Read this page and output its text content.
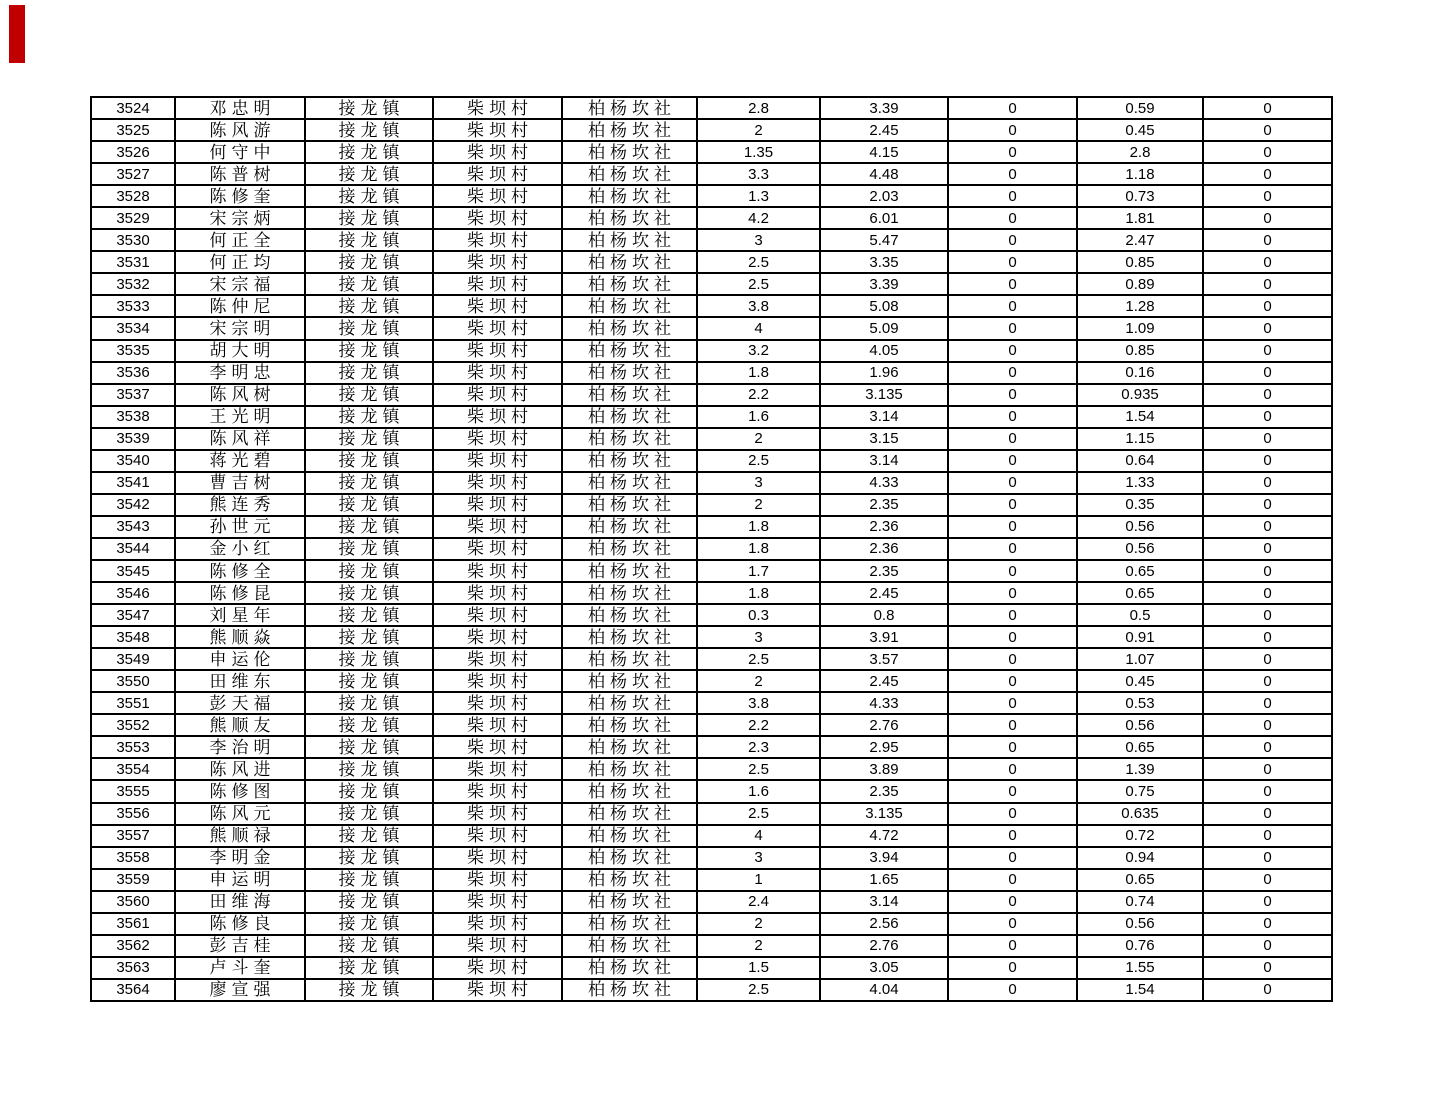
3524	邓忠明	接龙镇	柴坝村	柏杨坎社	2.8	3.39	0	0.59	0
3525	陈风游	接龙镇	柴坝村	柏杨坎社	2	2.45	0	0.45	0
3526	何守中	接龙镇	柴坝村	柏杨坎社	1.35	4.15	0	2.8	0
3527	陈普树	接龙镇	柴坝村	柏杨坎社	3.3	4.48	0	1.18	0
3528	陈修奎	接龙镇	柴坝村	柏杨坎社	1.3	2.03	0	0.73	0
3529	宋宗炳	接龙镇	柴坝村	柏杨坎社	4.2	6.01	0	1.81	0
3530	何正全	接龙镇	柴坝村	柏杨坎社	3	5.47	0	2.47	0
3531	何正均	接龙镇	柴坝村	柏杨坎社	2.5	3.35	0	0.85	0
3532	宋宗福	接龙镇	柴坝村	柏杨坎社	2.5	3.39	0	0.89	0
3533	陈仲尼	接龙镇	柴坝村	柏杨坎社	3.8	5.08	0	1.28	0
3534	宋宗明	接龙镇	柴坝村	柏杨坎社	4	5.09	0	1.09	0
3535	胡大明	接龙镇	柴坝村	柏杨坎社	3.2	4.05	0	0.85	0
3536	李明忠	接龙镇	柴坝村	柏杨坎社	1.8	1.96	0	0.16	0
3537	陈风树	接龙镇	柴坝村	柏杨坎社	2.2	3.135	0	0.935	0
3538	王光明	接龙镇	柴坝村	柏杨坎社	1.6	3.14	0	1.54	0
3539	陈风祥	接龙镇	柴坝村	柏杨坎社	2	3.15	0	1.15	0
3540	蒋光碧	接龙镇	柴坝村	柏杨坎社	2.5	3.14	0	0.64	0
3541	曹吉树	接龙镇	柴坝村	柏杨坎社	3	4.33	0	1.33	0
3542	熊连秀	接龙镇	柴坝村	柏杨坎社	2	2.35	0	0.35	0
3543	孙世元	接龙镇	柴坝村	柏杨坎社	1.8	2.36	0	0.56	0
3544	金小红	接龙镇	柴坝村	柏杨坎社	1.8	2.36	0	0.56	0
3545	陈修全	接龙镇	柴坝村	柏杨坎社	1.7	2.35	0	0.65	0
3546	陈修昆	接龙镇	柴坝村	柏杨坎社	1.8	2.45	0	0.65	0
3547	刘星年	接龙镇	柴坝村	柏杨坎社	0.3	0.8	0	0.5	0
3548	熊顺焱	接龙镇	柴坝村	柏杨坎社	3	3.91	0	0.91	0
3549	申运伦	接龙镇	柴坝村	柏杨坎社	2.5	3.57	0	1.07	0
3550	田维东	接龙镇	柴坝村	柏杨坎社	2	2.45	0	0.45	0
3551	彭天福	接龙镇	柴坝村	柏杨坎社	3.8	4.33	0	0.53	0
3552	熊顺友	接龙镇	柴坝村	柏杨坎社	2.2	2.76	0	0.56	0
3553	李治明	接龙镇	柴坝村	柏杨坎社	2.3	2.95	0	0.65	0
3554	陈风进	接龙镇	柴坝村	柏杨坎社	2.5	3.89	0	1.39	0
3555	陈修图	接龙镇	柴坝村	柏杨坎社	1.6	2.35	0	0.75	0
3556	陈风元	接龙镇	柴坝村	柏杨坎社	2.5	3.135	0	0.635	0
3557	熊顺禄	接龙镇	柴坝村	柏杨坎社	4	4.72	0	0.72	0
3558	李明金	接龙镇	柴坝村	柏杨坎社	3	3.94	0	0.94	0
3559	申运明	接龙镇	柴坝村	柏杨坎社	1	1.65	0	0.65	0
3560	田维海	接龙镇	柴坝村	柏杨坎社	2.4	3.14	0	0.74	0
3561	陈修良	接龙镇	柴坝村	柏杨坎社	2	2.56	0	0.56	0
3562	彭吉桂	接龙镇	柴坝村	柏杨坎社	2	2.76	0	0.76	0
3563	卢斗奎	接龙镇	柴坝村	柏杨坎社	1.5	3.05	0	1.55	0
3564	廖宣强	接龙镇	柴坝村	柏杨坎社	2.5	4.04	0	1.54	0
